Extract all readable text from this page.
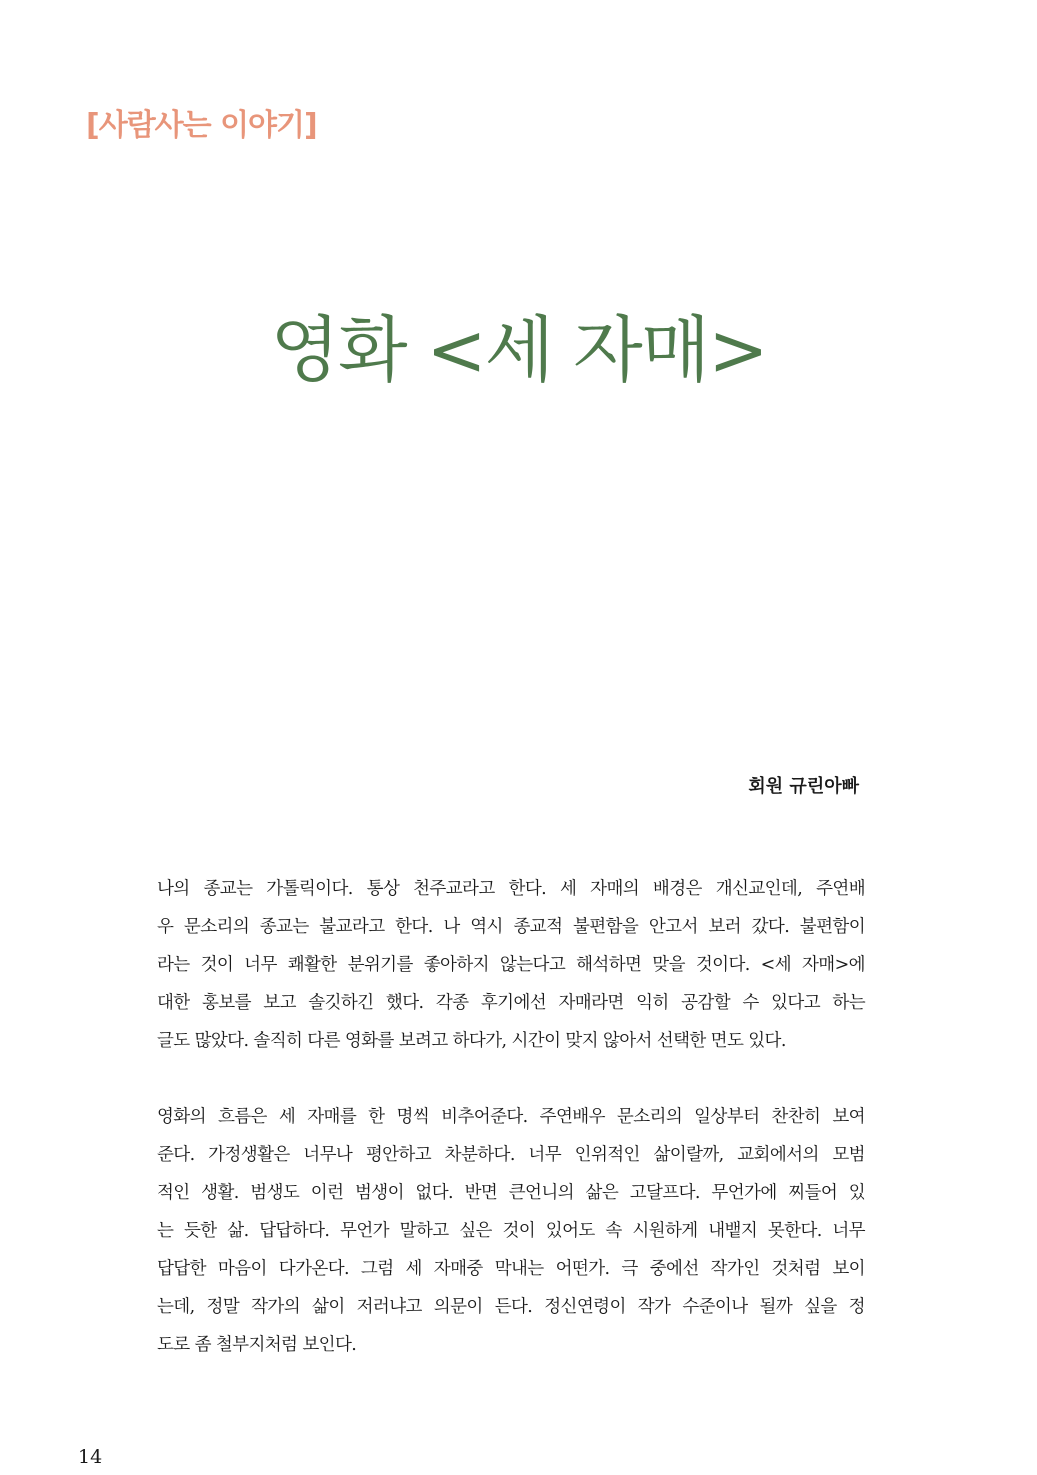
[사람사는 이야기]
영화 <세 자매>
회원 규린아빠
나의 종교는 가톨릭이다. 통상 천주교라고 한다. 세 자매의 배경은 개신교인데, 주연배
우 문소리의 종교는 불교라고 한다. 나 역시 종교적 불편함을 안고서 보러 갔다. 불편함이
라는 것이 너무 쾌활한 분위기를 좋아하지 않는다고 해석하면 맞을 것이다. <세 자매>에
대한 홍보를 보고 솔깃하긴 했다. 각종 후기에선 자매라면 익히 공감할 수 있다고 하는
글도 많았다. 솔직히 다른 영화를 보려고 하다가, 시간이 맞지 않아서 선택한 면도 있다.
영화의 흐름은 세 자매를 한 명씩 비추어준다. 주연배우 문소리의 일상부터 찬찬히 보여
준다. 가정생활은 너무나 평안하고 차분하다. 너무 인위적인 삶이랄까, 교회에서의 모범
적인 생활. 범생도 이런 범생이 없다. 반면 큰언니의 삶은 고달프다. 무언가에 찌들어 있
는 듯한 삶. 답답하다. 무언가 말하고 싶은 것이 있어도 속 시원하게 내뱉지 못한다. 너무
답답한 마음이 다가온다. 그럼 세 자매중 막내는 어떤가. 극 중에선 작가인 것처럼 보이
는데, 정말 작가의 삶이 저러냐고 의문이 든다. 정신연령이 작가 수준이나 될까 싶을 정
도로 좀 철부지처럼 보인다.
14
